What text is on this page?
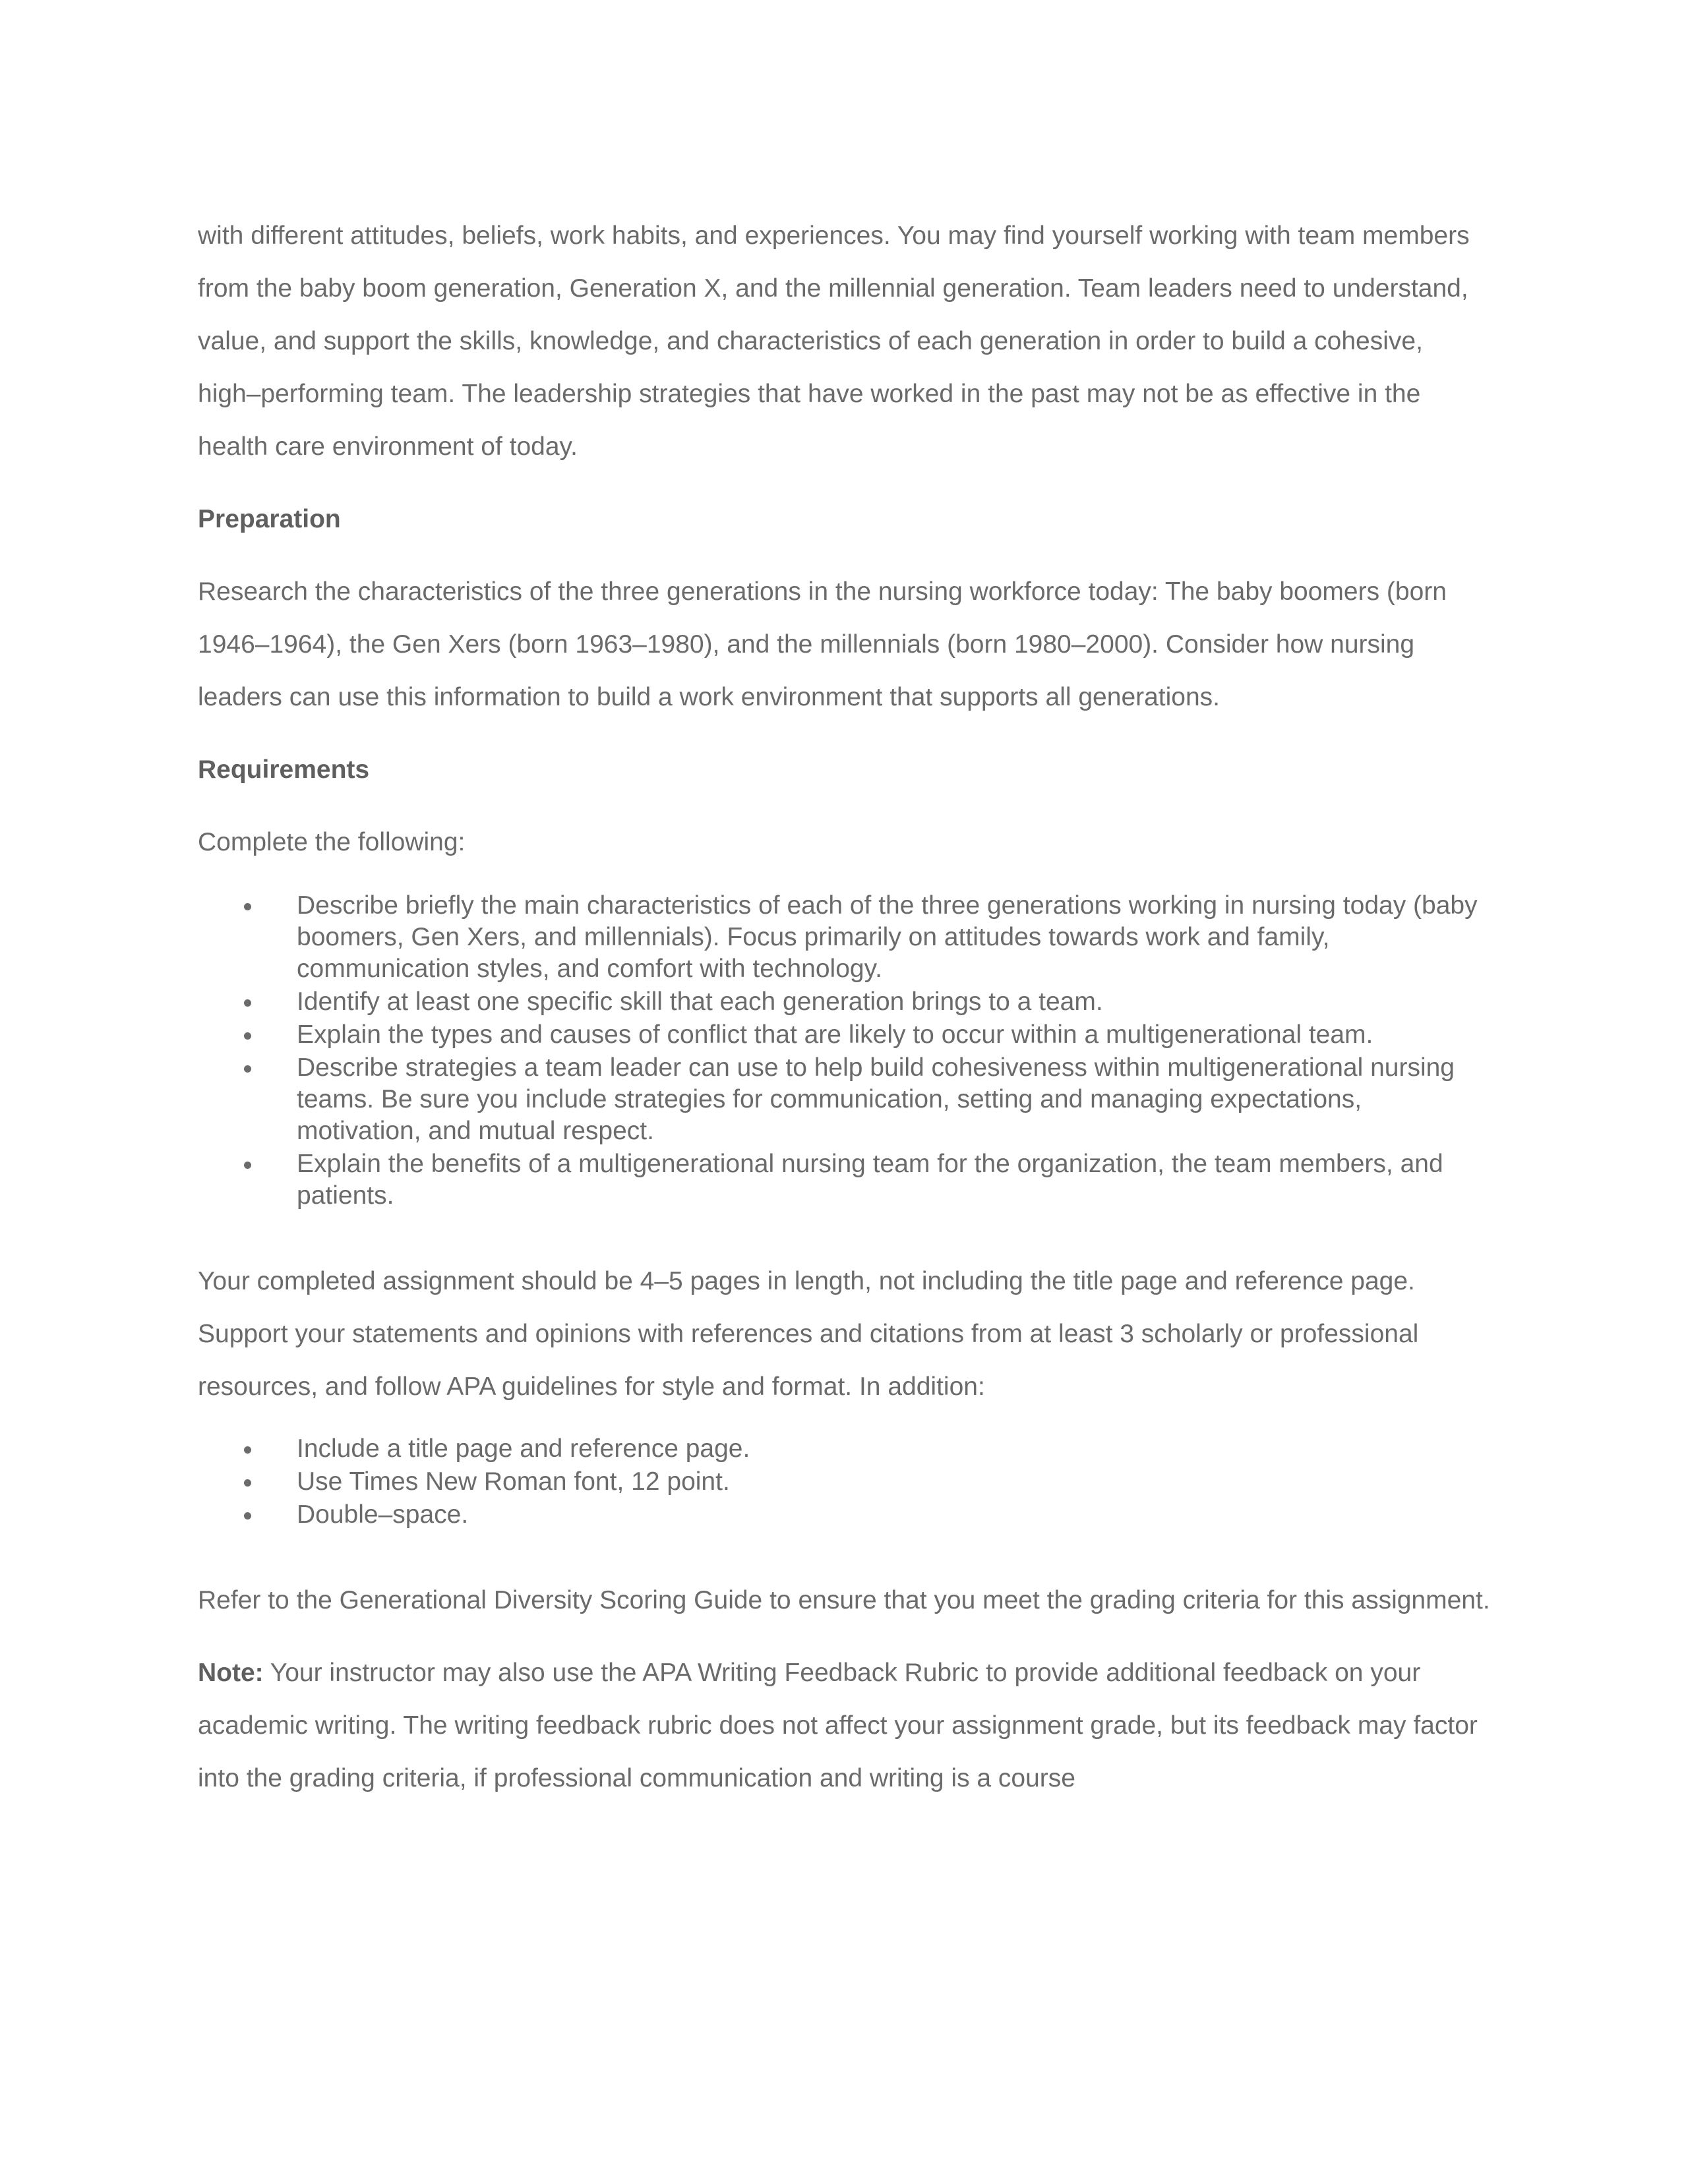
with different attitudes, beliefs, work habits, and experiences. You may find yourself working with team members from the baby boom generation, Generation X, and the millennial generation. Team leaders need to understand, value, and support the skills, knowledge, and characteristics of each generation in order to build a cohesive, high–performing team. The leadership strategies that have worked in the past may not be as effective in the health care environment of today.

Preparation

Research the characteristics of the three generations in the nursing workforce today: The baby boomers (born 1946–1964), the Gen Xers (born 1963–1980), and the millennials (born 1980–2000). Consider how nursing leaders can use this information to build a work environment that supports all generations.

Requirements

Complete the following:

Describe briefly the main characteristics of each of the three generations working in nursing today (baby boomers, Gen Xers, and millennials). Focus primarily on attitudes towards work and family, communication styles, and comfort with technology.
Identify at least one specific skill that each generation brings to a team.
Explain the types and causes of conflict that are likely to occur within a multigenerational team.
Describe strategies a team leader can use to help build cohesiveness within multigenerational nursing teams. Be sure you include strategies for communication, setting and managing expectations, motivation, and mutual respect.
Explain the benefits of a multigenerational nursing team for the organization, the team members, and patients.

Your completed assignment should be 4–5 pages in length, not including the title page and reference page. Support your statements and opinions with references and citations from at least 3 scholarly or professional resources, and follow APA guidelines for style and format. In addition:

Include a title page and reference page.
Use Times New Roman font, 12 point.
Double–space.

Refer to the Generational Diversity Scoring Guide to ensure that you meet the grading criteria for this assignment.

Note: Your instructor may also use the APA Writing Feedback Rubric to provide additional feedback on your academic writing. The writing feedback rubric does not affect your assignment grade, but its feedback may factor into the grading criteria, if professional communication and writing is a course
